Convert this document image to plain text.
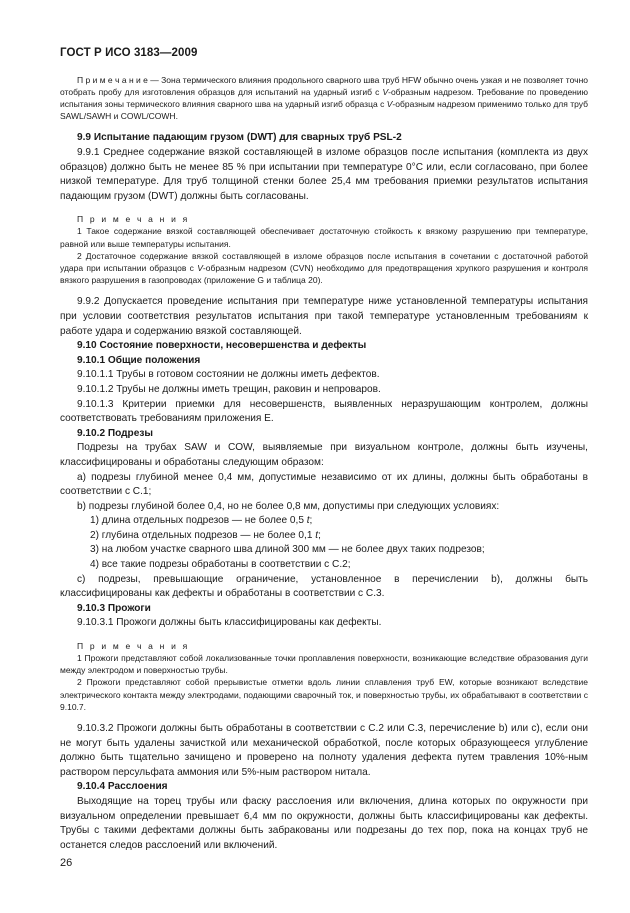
ГОСТ Р ИСО 3183—2009

П р и м е ч а н и е — Зона термического влияния продольного сварного шва труб HFW обычно очень узкая и не позволяет точно отобрать пробу для изготовления образцов для испытаний на ударный изгиб с V-образным надрезом. Требование по проведению испытания зоны термического влияния сварного шва на ударный изгиб образца с V-образным надрезом применимо только для труб SAWL/SAWH и COWL/COWH.

9.9 Испытание падающим грузом (DWT) для сварных труб PSL-2

9.9.1 Среднее содержание вязкой составляющей в изломе образцов после испытания (комплекта из двух образцов) должно быть не менее 85 % при испытании при температуре 0°С или, если согласовано, при более низкой температуре. Для труб толщиной стенки более 25,4 мм требования приемки результатов испытания падающим грузом (DWT) должны быть согласованы.

П р и м е ч а н и я

1 Такое содержание вязкой составляющей обеспечивает достаточную стойкость к вязкому разрушению при температуре, равной или выше температуры испытания.

2 Достаточное содержание вязкой составляющей в изломе образцов после испытания в сочетании с достаточной работой удара при испытании образцов с V-образным надрезом (CVN) необходимо для предотвращения хрупкого разрушения и контроля вязкого разрушения в газопроводах (приложение G и таблица 20).

9.9.2 Допускается проведение испытания при температуре ниже установленной температуры испытания при условии соответствия результатов испытания при такой температуре установленным требованиям к работе удара и содержанию вязкой составляющей.

9.10 Состояние поверхности, несовершенства и дефекты

9.10.1 Общие положения

9.10.1.1 Трубы в готовом состоянии не должны иметь дефектов.

9.10.1.2 Трубы не должны иметь трещин, раковин и непроваров.

9.10.1.3 Критерии приемки для несовершенств, выявленных неразрушающим контролем, должны соответствовать требованиям приложения Е.

9.10.2 Подрезы

Подрезы на трубах SAW и COW, выявляемые при визуальном контроле, должны быть изучены, классифицированы и обработаны следующим образом:

а) подрезы глубиной менее 0,4 мм, допустимые независимо от их длины, должны быть обработаны в соответствии с С.1;

b) подрезы глубиной более 0,4, но не более 0,8 мм, допустимы при следующих условиях:

1) длина отдельных подрезов — не более 0,5 t;

2) глубина отдельных подрезов — не более 0,1 t;

3) на любом участке сварного шва длиной 300 мм — не более двух таких подрезов;

4) все такие подрезы обработаны в соответствии с С.2;

с) подрезы, превышающие ограничение, установленное в перечислении b), должны быть классифицированы как дефекты и обработаны в соответствии с С.3.

9.10.3 Прожоги

9.10.3.1 Прожоги должны быть классифицированы как дефекты.

П р и м е ч а н и я

1 Прожоги представляют собой локализованные точки проплавления поверхности, возникающие вследствие образования дуги между электродом и поверхностью трубы.

2 Прожоги представляют собой прерывистые отметки вдоль линии сплавления труб EW, которые возникают вследствие электрического контакта между электродами, подающими сварочный ток, и поверхностью трубы, их обрабатывают в соответствии с 9.10.7.

9.10.3.2 Прожоги должны быть обработаны в соответствии с С.2 или С.3, перечисление b) или с), если они не могут быть удалены зачисткой или механической обработкой, после которых образующееся углубление должно быть тщательно зачищено и проверено на полноту удаления дефекта путем травления 10%-ным раствором персульфата аммония или 5%-ным раствором нитала.

9.10.4 Расслоения

Выходящие на торец трубы или фаску расслоения или включения, длина которых по окружности при визуальном определении превышает 6,4 мм по окружности, должны быть классифицированы как дефекты. Трубы с такими дефектами должны быть забракованы или подрезаны до тех пор, пока на концах труб не останется следов расслоений или включений.

26
